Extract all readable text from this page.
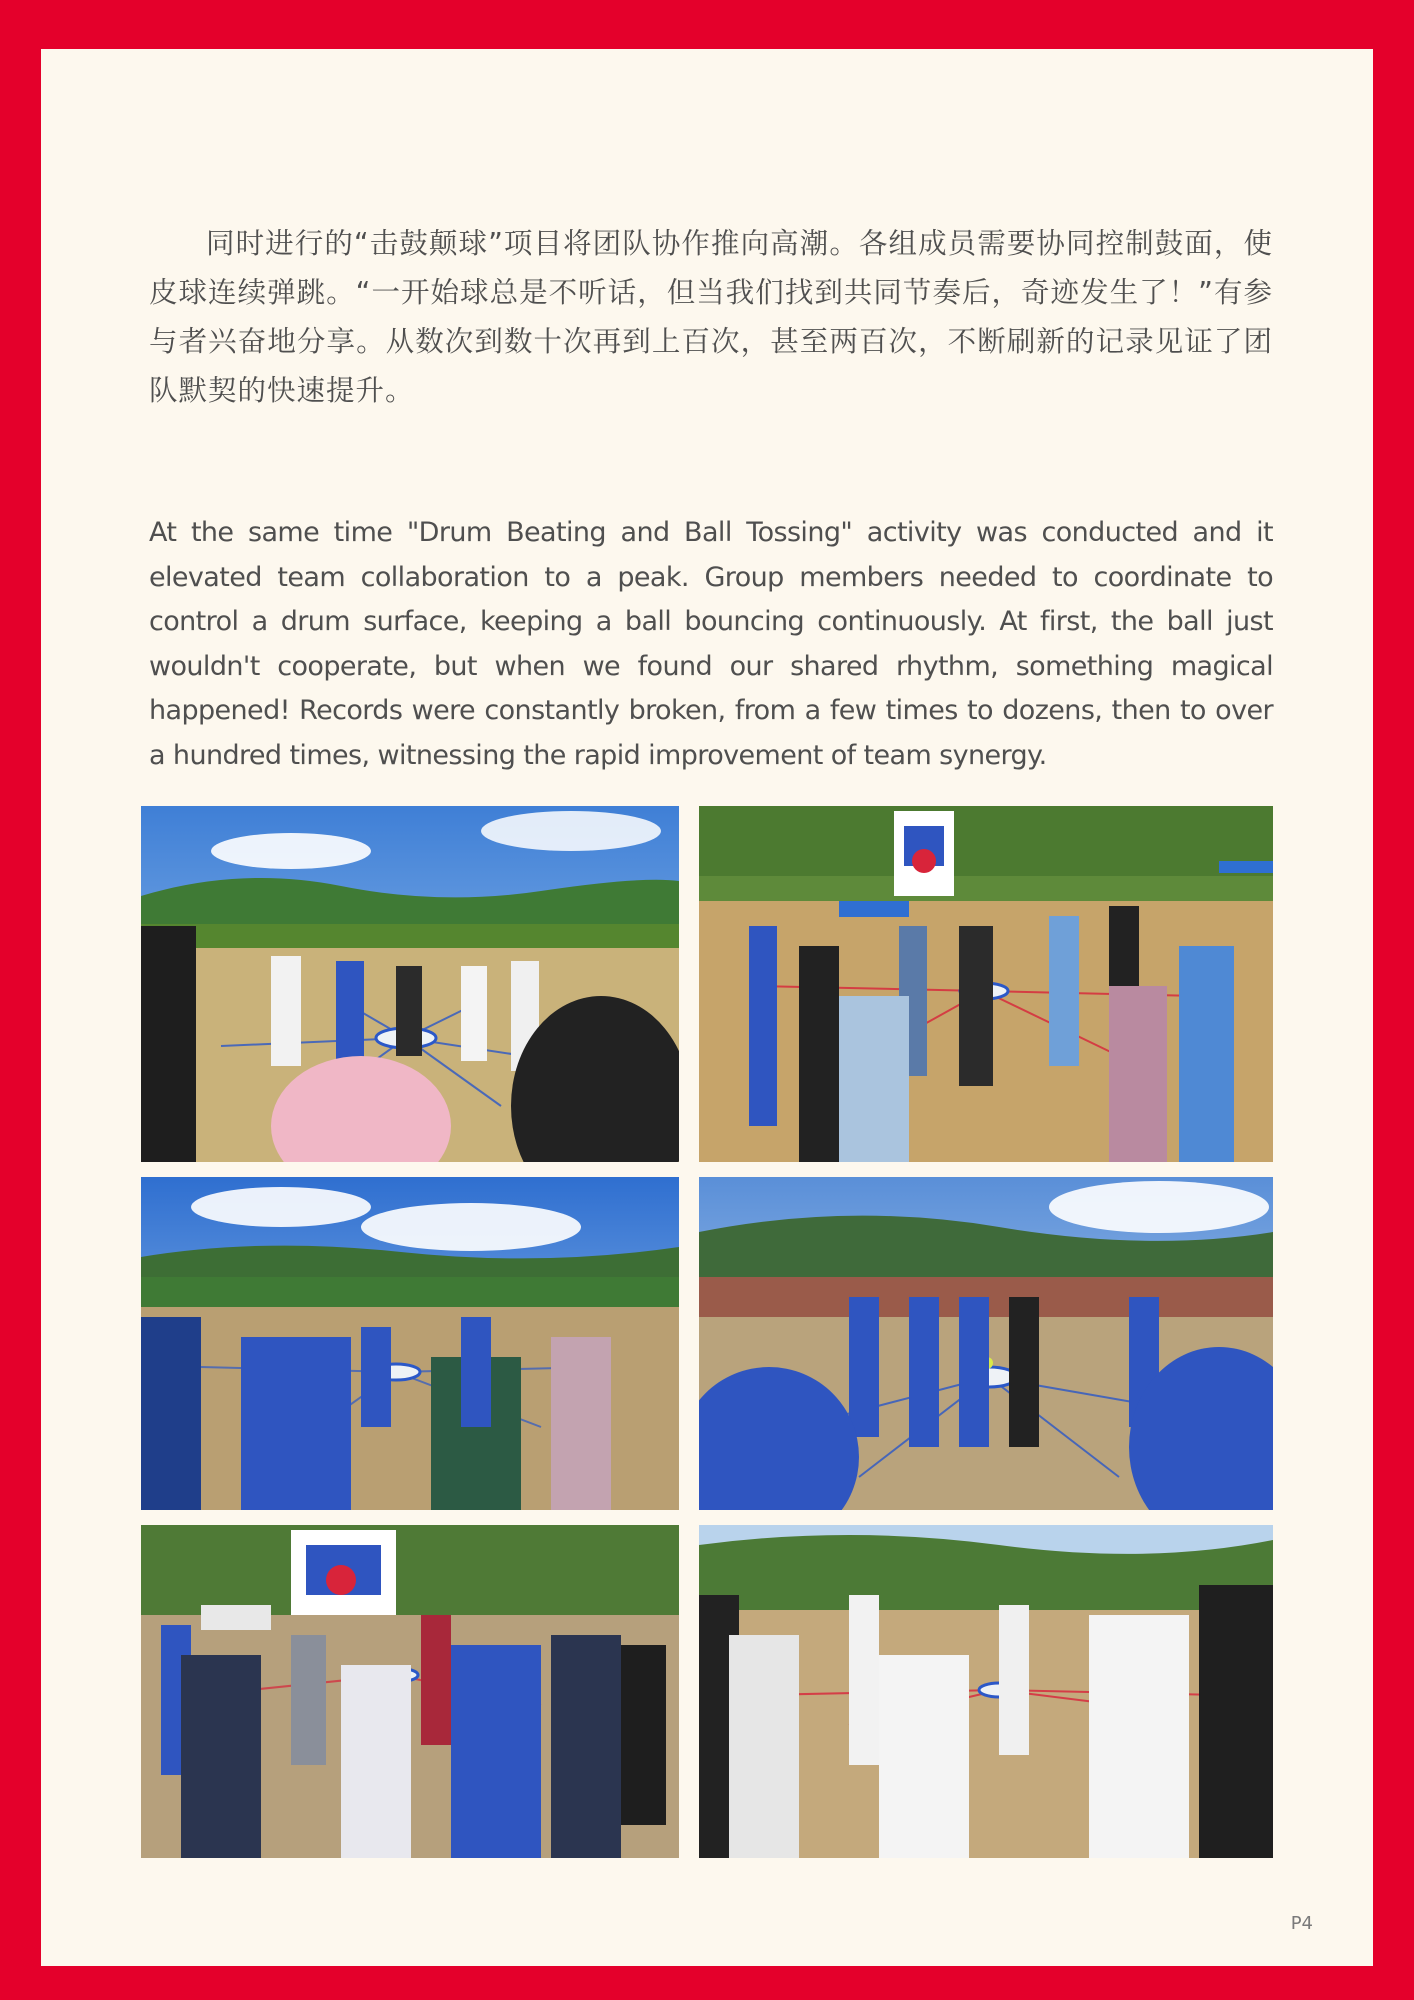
同时进行的“击鼓颠球”项目将团队协作推向高潮。各组成员需要协同控制鼓面，使皮球连续弹跳。“一开始球总是不听话，但当我们找到共同节奏后，奇迹发生了！”有参与者兴奋地分享。从数次到数十次再到上百次，甚至两百次，不断刷新的记录见证了团队默契的快速提升。

At the same time "Drum Beating and Ball Tossing" activity was conducted and it elevated team collaboration to a peak. Group members needed to coordinate to control a drum surface, keeping a ball bouncing continuously. At first, the ball just wouldn't cooperate, but when we found our shared rhythm, something magical happened! Records were constantly broken, from a few times to dozens, then to over a hundred times, witnessing the rapid improvement of team synergy.

P4
